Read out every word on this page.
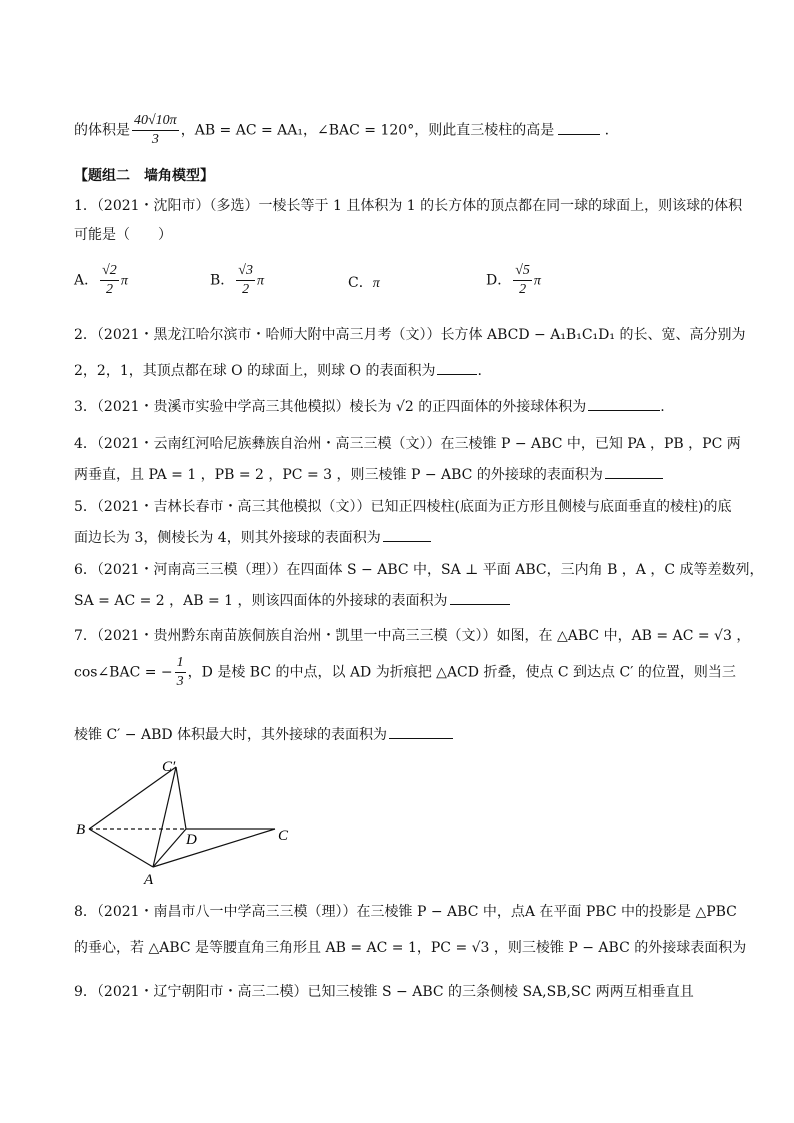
的体积是 $\frac{40√10\pi}{3}$ ，AB = AC = AA₁，∠BAC = 120°，则此直三棱柱的高是	.
【题组二　墙角模型】
1．（2021・沈阳市）（多选）一棱长等于 1 且体积为 1 的长方体的顶点都在同一球的球面上，则该球的体积
可能是（　　）
A． $\frac{√2}{2}$ π	B． $\frac{√3}{2}$ π	C．π	D． $\frac{√5}{2}$ π
2．（2021・黑龙江哈尔滨市・哈师大附中高三月考（文））长方体 ABCD − A₁B₁C₁D₁ 的长、宽、高分别为
2，2，1，其顶点都在球 O 的球面上，则球 O 的表面积为	.
3．（2021・贵溪市实验中学高三其他模拟）棱长为 √2 的正四面体的外接球体积为	.
4．（2021・云南红河哈尼族彝族自治州・高三三模（文））在三棱锥 P − ABC 中，已知 PA ，PB ，PC 两
两垂直，且 PA = 1 ，PB = 2 ，PC = 3 ，则三棱锥 P − ABC 的外接球的表面积为
5．（2021・吉林长春市・高三其他模拟（文））已知正四棱柱(底面为正方形且侧棱与底面垂直的棱柱)的底
面边长为 3，侧棱长为 4，则其外接球的表面积为
6．（2021・河南高三三模（理））在四面体 S − ABC 中，SA ⊥ 平面 ABC，三内角 B ，A ，C 成等差数列，
SA = AC = 2 ，AB = 1 ，则该四面体的外接球的表面积为
7．（2021・贵州黔东南苗族侗族自治州・凯里一中高三三模（文））如图，在 △ABC 中，AB = AC = √3 ，
cos∠BAC = − $\frac{1}{3}$ ，D 是棱 BC 的中点，以 AD 为折痕把 △ACD 折叠，使点 C 到达点 C′ 的位置，则当三
棱锥 C′ − ABD 体积最大时，其外接球的表面积为
C′
B
D	C
A
8．（2021・南昌市八一中学高三三模（理））在三棱锥 P − ABC 中，点A 在平面 PBC 中的投影是 △PBC
的垂心，若 △ABC 是等腰直角三角形且 AB = AC = 1，PC = √3 ，则三棱锥 P − ABC 的外接球表面积为
9．（2021・辽宁朝阳市・高三二模）已知三棱锥 S − ABC 的三条侧棱 SA,SB,SC 两两互相垂直且
